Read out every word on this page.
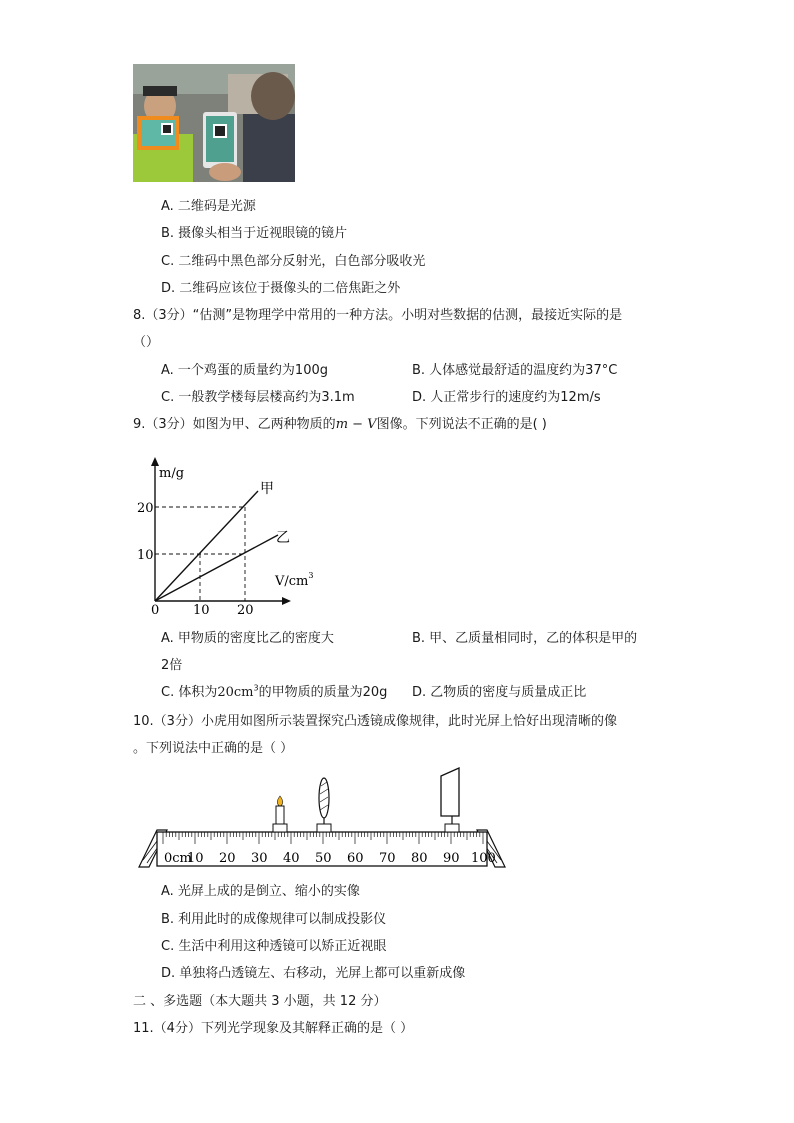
A. 二维码是光源
B. 摄像头相当于近视眼镜的镜片
C. 二维码中黑色部分反射光，白色部分吸收光
D. 二维码应该位于摄像头的二倍焦距之外
8.（3分）“估测”是物理学中常用的一种方法。小明对些数据的估测，最接近实际的是
（）
A. 一个鸡蛋的质量约为100g	B. 人体感觉最舒适的温度约为37°C
C. 一般教学楼每层楼高约为3.1m	D. 人正常步行的速度约为12m/s
9.（3分）如图为甲、乙两种物质的m − V图像。下列说法不正确的是( )
m/g
$V/cm^3$
0	10 20
10
20
甲
乙
A. 甲物质的密度比乙的密度大	B. 甲、乙质量相同时，乙的体积是甲的
2倍
C. 体积为$20cm^3$的甲物质的质量为20g D. 乙物质的密度与质量成正比
10.（3分）小虎用如图所示装置探究凸透镜成像规律，此时光屏上恰好出现清晰的像
。下列说法中正确的是（ ）
0cm
10 20 30 40 50 60 70 80 90 100
A. 光屏上成的是倒立、缩小的实像
B. 利用此时的成像规律可以制成投影仪
C. 生活中利用这种透镜可以矫正近视眼
D. 单独将凸透镜左、右移动，光屏上都可以重新成像
二 、多选题（本大题共 3 小题，共 12 分）
11.（4分）下列光学现象及其解释正确的是（ ）
